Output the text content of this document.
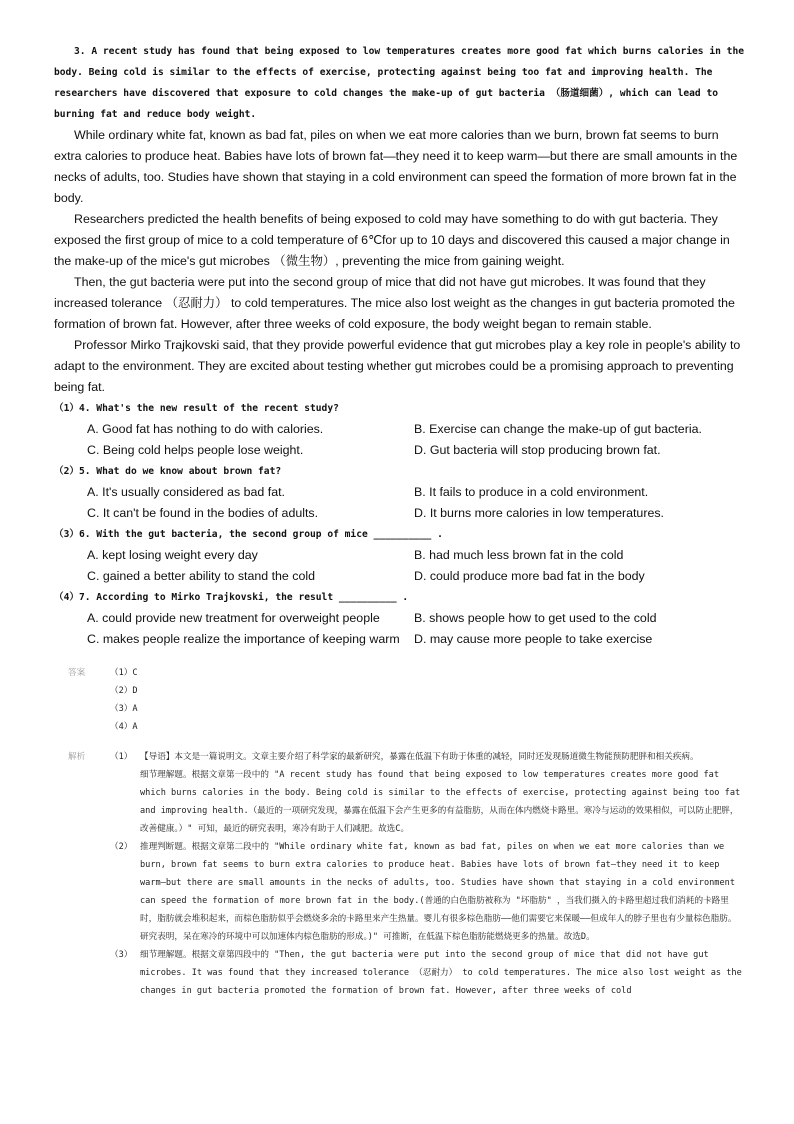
3. A recent study has found that being exposed to low temperatures creates more good fat which burns calories in the body. Being cold is similar to the effects of exercise, protecting against being too fat and improving health. The researchers have discovered that exposure to cold changes the make-up of gut bacteria （肠道细菌）, which can lead to burning fat and reduce body weight.

While ordinary white fat, known as bad fat, piles on when we eat more calories than we burn, brown fat seems to burn extra calories to produce heat. Babies have lots of brown fat—they need it to keep warm—but there are small amounts in the necks of adults, too. Studies have shown that staying in a cold environment can speed the formation of more brown fat in the body.

Researchers predicted the health benefits of being exposed to cold may have something to do with gut bacteria. They exposed the first group of mice to a cold temperature of 6℃for up to 10 days and discovered this caused a major change in the make-up of the mice's gut microbes （微生物）, preventing the mice from gaining weight.

Then, the gut bacteria were put into the second group of mice that did not have gut microbes. It was found that they increased tolerance （忍耐力） to cold temperatures. The mice also lost weight as the changes in gut bacteria promoted the formation of brown fat. However, after three weeks of cold exposure, the body weight began to remain stable.

Professor Mirko Trajkovski said, that they provide powerful evidence that gut microbes play a key role in people's ability to adapt to the environment. They are excited about testing whether gut microbes could be a promising approach to preventing being fat.

（1）4. What's the new result of the recent study?
A. Good fat has nothing to do with calories.	B. Exercise can change the make-up of gut bacteria.
C. Being cold helps people lose weight.	D. Gut bacteria will stop producing brown fat.
（2）5. What do we know about brown fat?
A. It's usually considered as bad fat.	B. It fails to produce in a cold environment.
C. It can't be found in the bodies of adults.	D. It burns more calories in low temperatures.
（3）6. With the gut bacteria, the second group of mice __________ .
A. kept losing weight every day	B. had much less brown fat in the cold
C. gained a better ability to stand the cold	D. could produce more bad fat in the body
（4）7. According to Mirko Trajkovski, the result __________ .
A. could provide new treatment for overweight people	B. shows people how to get used to the cold
C. makes people realize the importance of keeping warm	D. may cause more people to take exercise
答案	（1）C
（2）D
（3）A
（4）A
解析	（1） 【导语】本文是一篇说明文。文章主要介绍了科学家的最新研究，暴露在低温下有助于体重的减轻，同时还发现肠道微生物能预防肥胖和相关疾病。
细节理解题。根据文章第一段中的 "A recent study has found that being exposed to low temperatures creates more good fat which burns calories in the body. Being cold is similar to the effects of exercise, protecting against being too fat and improving health.（最近的一项研究发现，暴露在低温下会产生更多的有益脂肪，从而在体内燃烧卡路里。寒冷与运动的效果相似，可以防止肥胖，改善健康。）" 可知，最近的研究表明，寒冷有助于人们减肥。故选C。
（2） 推理判断题。根据文章第二段中的 "While ordinary white fat, known as bad fat, piles on when we eat more calories than we burn, brown fat seems to burn extra calories to produce heat. Babies have lots of brown fat—they need it to keep warm—but there are small amounts in the necks of adults, too. Studies have shown that staying in a cold environment can speed the formation of more brown fat in the body.(普通的白色脂肪被称为 "坏脂肪" ，当我们摄入的卡路里超过我们消耗的卡路里时，脂肪就会堆积起来，而棕色脂肪似乎会燃烧多余的卡路里来产生热量。婴儿有很多棕色脂肪——他们需要它来保暖——但成年人的脖子里也有少量棕色脂肪。研究表明，呆在寒冷的环境中可以加速体内棕色脂肪的形成。)" 可推断，在低温下棕色脂肪能燃烧更多的热量。故选D。
（3） 细节理解题。根据文章第四段中的 "Then, the gut bacteria were put into the second group of mice that did not have gut microbes. It was found that they increased tolerance （忍耐力） to cold temperatures. The mice also lost weight as the changes in gut bacteria promoted the formation of brown fat. However, after three weeks of cold
